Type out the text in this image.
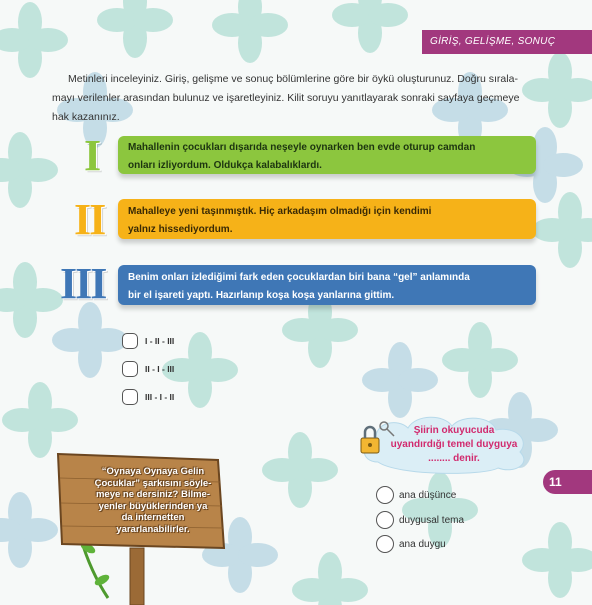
GİRİŞ, GELİŞME, SONUÇ
Metinleri inceleyiniz. Giriş, gelişme ve sonuç bölümlerine göre bir öykü oluşturunuz. Doğru sırala-
mayı verilenler arasından bulunuz ve işaretleyiniz. Kilit soruyu yanıtlayarak sonraki sayfaya geçmeye
hak kazanınız.
I
II
III
Mahallenin çocukları dışarıda neşeyle oynarken ben evde oturup camdan
onları izliyordum. Oldukça kalabalıklardı.
Mahalleye yeni taşınmıştık. Hiç arkadaşım olmadığı için kendimi
yalnız hissediyordum.
Benim onları izlediğimi fark eden çocuklardan biri bana “gel” anlamında
bir el işareti yaptı. Hazırlanıp koşa koşa yanlarına gittim.
I - II - III
II - I - III
III - I - II
Şiirin okuyucuda
uyandırdığı temel duyguya
........ denir.
ana düşünce
duygusal tema
ana duygu
11
“Oynaya Oynaya Gelin
Çocuklar” şarkısını söyle-
meye ne dersiniz? Bilme-
yenler büyüklerinden ya
da internetten
yararlanabilirler.
